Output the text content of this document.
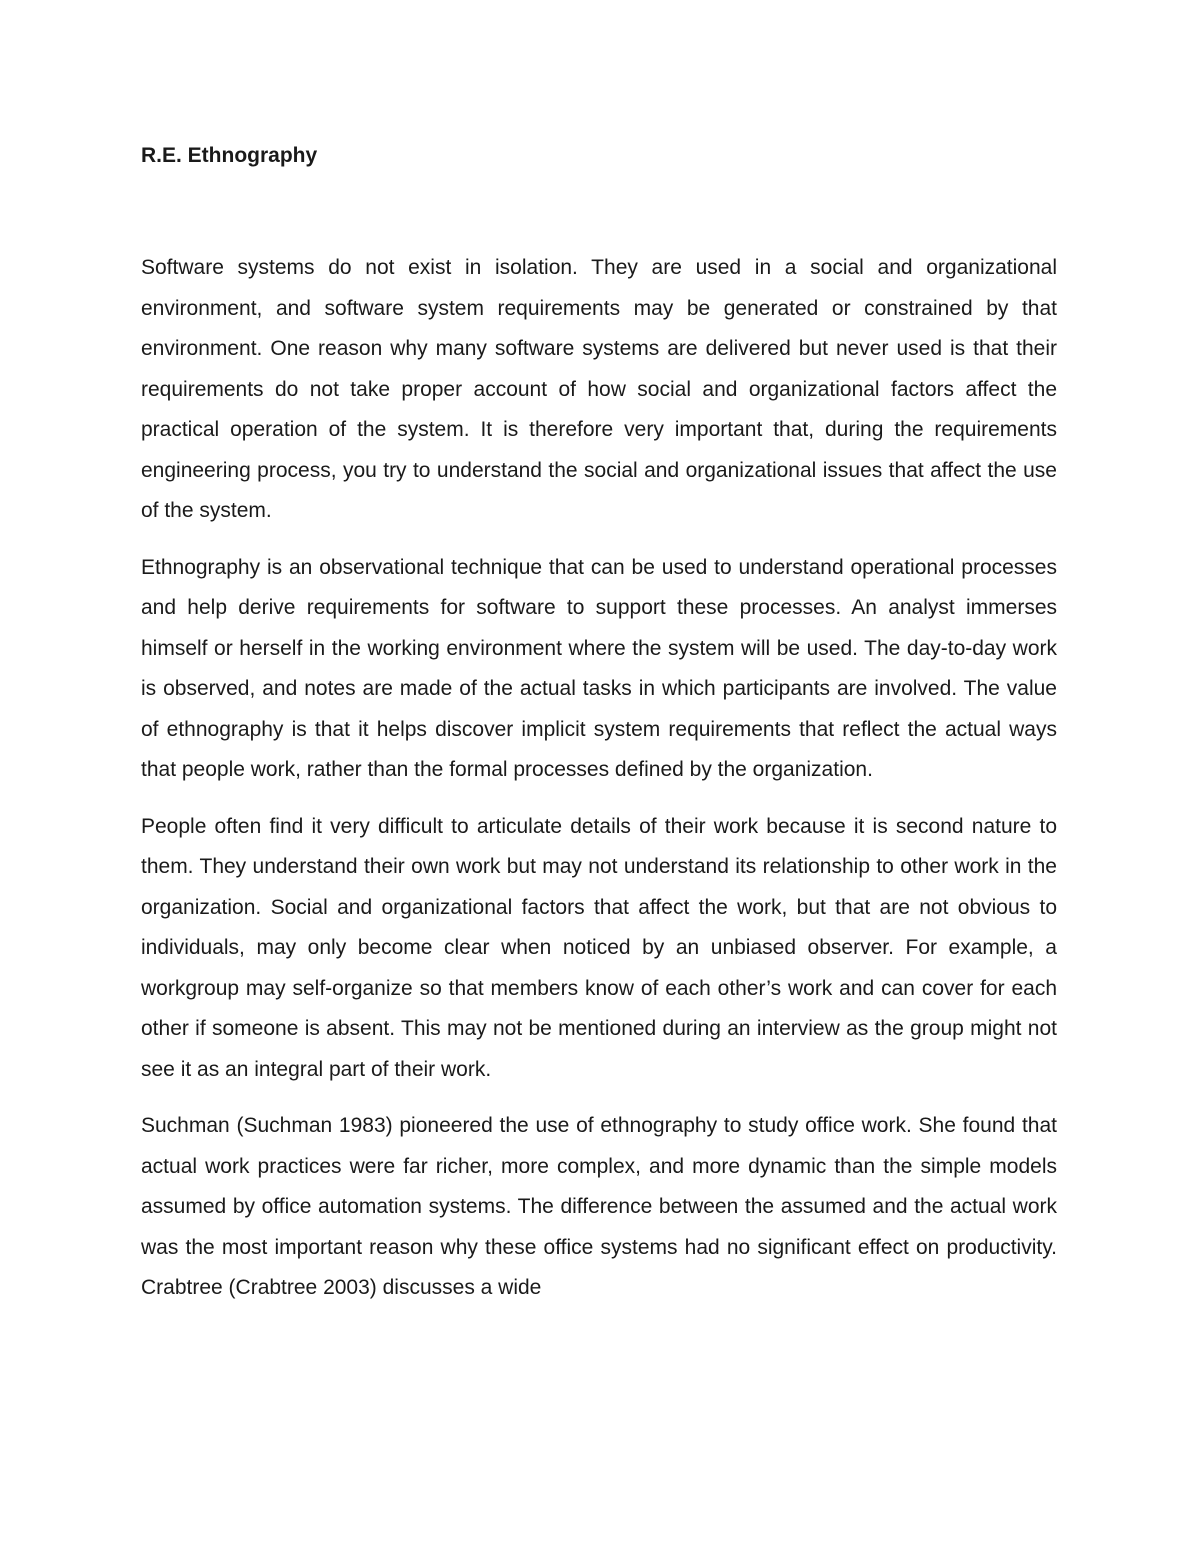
R.E. Ethnography

Software systems do not exist in isolation. They are used in a social and organizational environment, and software system requirements may be generated or constrained by that environment. One reason why many software systems are delivered but never used is that their requirements do not take proper account of how social and organizational factors affect the practical operation of the system. It is therefore very important that, during the requirements engineering process, you try to understand the social and organizational issues that affect the use of the system.

Ethnography is an observational technique that can be used to understand operational processes and help derive requirements for software to support these processes. An analyst immerses himself or herself in the working environment where the system will be used. The day-to-day work is observed, and notes are made of the actual tasks in which participants are involved. The value of ethnography is that it helps discover implicit system requirements that reflect the actual ways that people work, rather than the formal processes defined by the organization.

People often find it very difficult to articulate details of their work because it is second nature to them. They understand their own work but may not understand its relationship to other work in the organization. Social and organizational factors that affect the work, but that are not obvious to individuals, may only become clear when noticed by an unbiased observer. For example, a workgroup may self-organize so that members know of each other’s work and can cover for each other if someone is absent. This may not be mentioned during an interview as the group might not see it as an integral part of their work.

Suchman (Suchman 1983) pioneered the use of ethnography to study office work. She found that actual work practices were far richer, more complex, and more dynamic than the simple models assumed by office automation systems. The difference between the assumed and the actual work was the most important reason why these office systems had no significant effect on productivity. Crabtree (Crabtree 2003) discusses a wide
